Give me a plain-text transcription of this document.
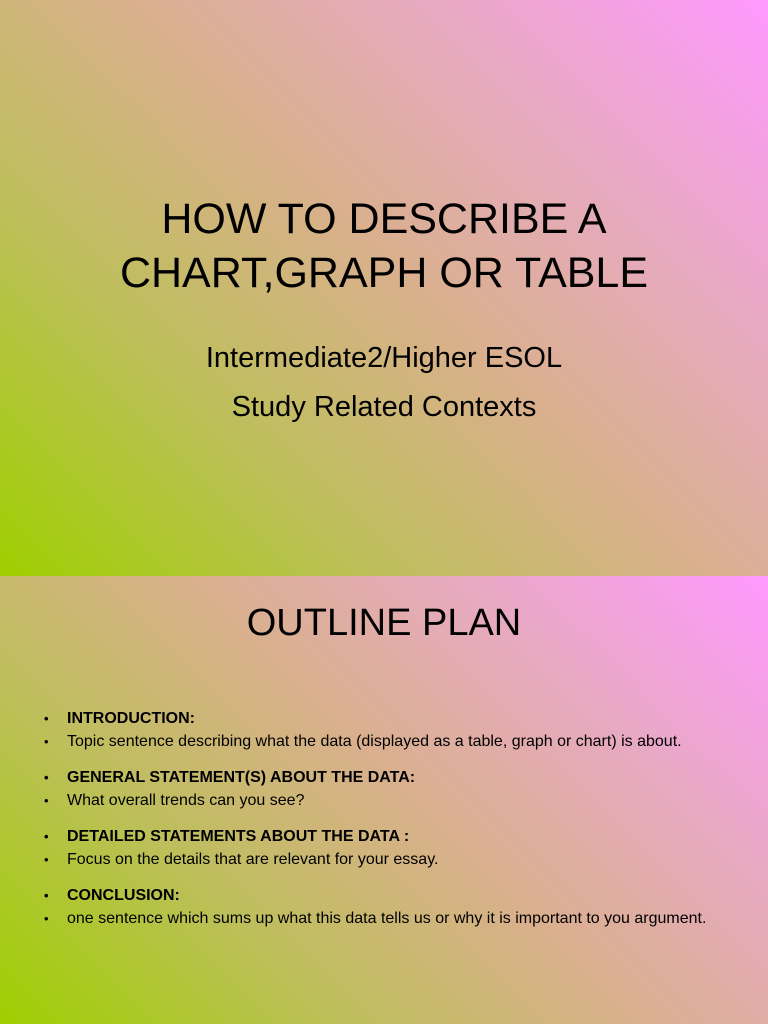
HOW TO DESCRIBE A
CHART,GRAPH OR TABLE
Intermediate2/Higher ESOL
Study Related Contexts
OUTLINE PLAN
• INTRODUCTION:
• Topic sentence describing what the data (displayed as a table, graph or chart) is about.
• GENERAL STATEMENT(S) ABOUT THE DATA:
• What overall trends can you see?
• DETAILED STATEMENTS ABOUT THE DATA :
• Focus on the details that are relevant for your essay.
• CONCLUSION:
• one sentence which sums up what this data tells us or why it is important to you argument.
